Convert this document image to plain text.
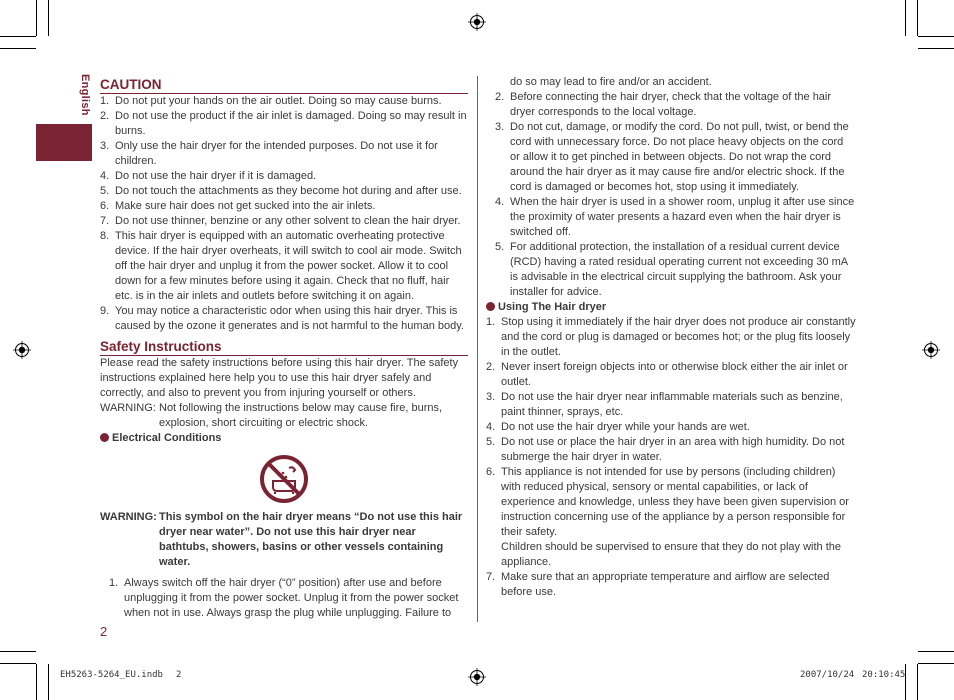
English CAUTION

1. Do not put your hands on the air outlet. Doing so may cause burns.
2. Do not use the product if the air inlet is damaged. Doing so may result in burns.
3. Only use the hair dryer for the intended purposes. Do not use it for children.
4. Do not use the hair dryer if it is damaged.
5. Do not touch the attachments as they become hot during and after use.
6. Make sure hair does not get sucked into the air inlets.
7. Do not use thinner, benzine or any other solvent to clean the hair dryer.
8. This hair dryer is equipped with an automatic overheating protective device. If the hair dryer overheats, it will switch to cool air mode. Switch off the hair dryer and unplug it from the power socket. Allow it to cool down for a few minutes before using it again. Check that no fluff, hair etc. is in the air inlets and outlets before switching it on again.
9. You may notice a characteristic odor when using this hair dryer. This is caused by the ozone it generates and is not harmful to the human body.

Safety Instructions

Please read the safety instructions before using this hair dryer. The safety instructions explained here help you to use this hair dryer safely and correctly, and also to prevent you from injuring yourself or others.

WARNING: Not following the instructions below may cause fire, burns, explosion, short circuiting or electric shock.

Electrical Conditions

WARNING: This symbol on the hair dryer means “Do not use this hair dryer near water”. Do not use this hair dryer near bathtubs, showers, basins or other vessels containing water.
1. Always switch off the hair dryer (“0” position) after use and before unplugging it from the power socket. Unplug it from the power socket when not in use. Always grasp the plug while unplugging. Failure to

do so may lead to fire and/or an accident.

2. Before connecting the hair dryer, check that the voltage of the hair dryer corresponds to the local voltage.
3. Do not cut, damage, or modify the cord. Do not pull, twist, or bend the cord with unnecessary force. Do not place heavy objects on the cord or allow it to get pinched in between objects. Do not wrap the cord around the hair dryer as it may cause fire and/or electric shock. If the cord is damaged or becomes hot, stop using it immediately.
4. When the hair dryer is used in a shower room, unplug it after use since the proximity of water presents a hazard even when the hair dryer is switched off.
5. For additional protection, the installation of a residual current device (RCD) having a rated residual operating current not exceeding 30 mA is advisable in the electrical circuit supplying the bathroom. Ask your installer for advice.

Using The Hair dryer

1. Stop using it immediately if the hair dryer does not produce air constantly and the cord or plug is damaged or becomes hot; or the plug fits loosely in the outlet.
2. Never insert foreign objects into or otherwise block either the air inlet or outlet.
3. Do not use the hair dryer near inflammable materials such as benzine, paint thinner, sprays, etc.
4. Do not use the hair dryer while your hands are wet.
5. Do not use or place the hair dryer in an area with high humidity. Do not submerge the hair dryer in water.
6. This appliance is not intended for use by persons (including children) with reduced physical, sensory or mental capabilities, or lack of experience and knowledge, unless they have been given supervision or instruction concerning use of the appliance by a person responsible for their safety.
Children should be supervised to ensure that they do not play with the appliance.
7. Make sure that an appropriate temperature and airflow are selected before use.
2
EH5263-5264_EU.indb 2	2007/10/24 20:10:45
